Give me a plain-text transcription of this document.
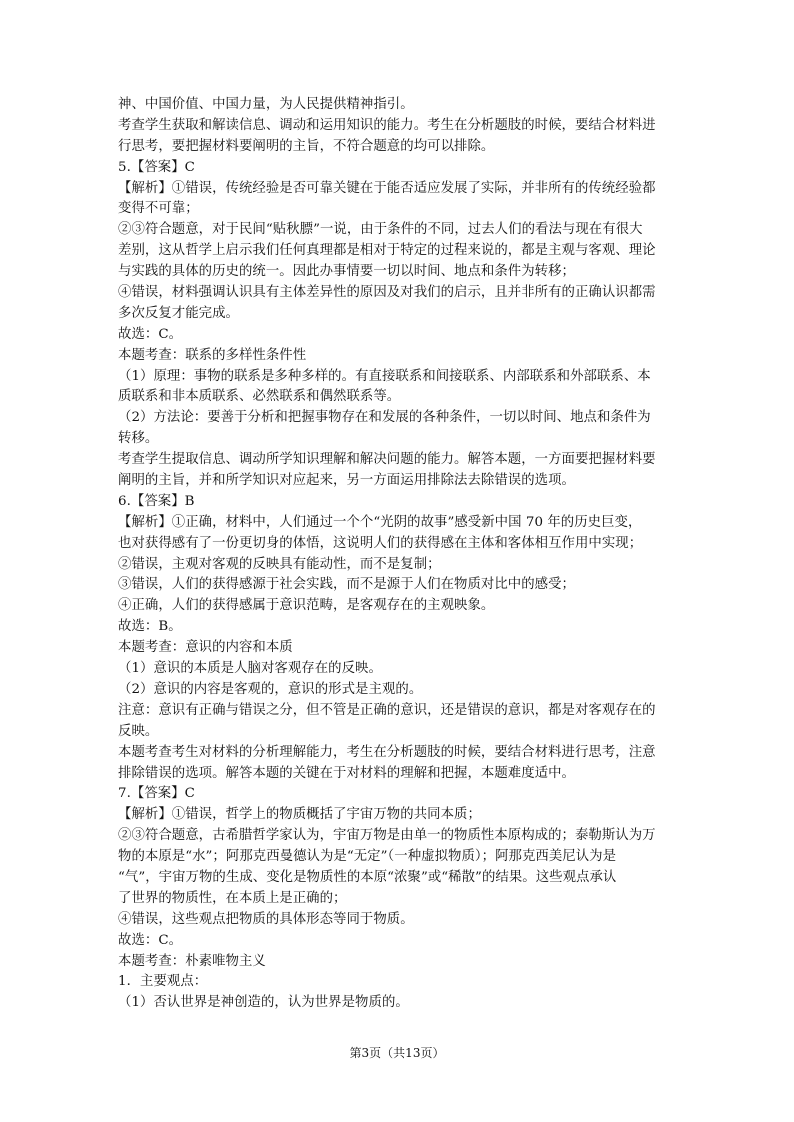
神、中国价值、中国力量，为人民提供精神指引。
考查学生获取和解读信息、调动和运用知识的能力。考生在分析题肢的时候，要结合材料进
行思考，要把握材料要阐明的主旨，不符合题意的均可以排除。
5.【答案】C
【解析】①错误，传统经验是否可靠关键在于能否适应发展了实际，并非所有的传统经验都
变得不可靠；
②③符合题意，对于民间“贴秋膘”一说，由于条件的不同，过去人们的看法与现在有很大
差别，这从哲学上启示我们任何真理都是相对于特定的过程来说的，都是主观与客观、理论
与实践的具体的历史的统一。因此办事情要一切以时间、地点和条件为转移；
④错误，材料强调认识具有主体差异性的原因及对我们的启示，且并非所有的正确认识都需
多次反复才能完成。
故选：C。
本题考查：联系的多样性条件性
（1）原理：事物的联系是多种多样的。有直接联系和间接联系、内部联系和外部联系、本
质联系和非本质联系、必然联系和偶然联系等。
（2）方法论：要善于分析和把握事物存在和发展的各种条件，一切以时间、地点和条件为
转移。
考查学生提取信息、调动所学知识理解和解决问题的能力。解答本题，一方面要把握材料要
阐明的主旨，并和所学知识对应起来，另一方面运用排除法去除错误的选项。
6.【答案】B
【解析】①正确，材料中，人们通过一个个“光阴的故事”感受新中国 70 年的历史巨变，
也对获得感有了一份更切身的体悟，这说明人们的获得感在主体和客体相互作用中实现；
②错误，主观对客观的反映具有能动性，而不是复制；
③错误，人们的获得感源于社会实践，而不是源于人们在物质对比中的感受；
④正确，人们的获得感属于意识范畴，是客观存在的主观映象。
故选：B。
本题考查：意识的内容和本质
（1）意识的本质是人脑对客观存在的反映。
（2）意识的内容是客观的，意识的形式是主观的。
注意：意识有正确与错误之分，但不管是正确的意识，还是错误的意识，都是对客观存在的
反映。
本题考查考生对材料的分析理解能力，考生在分析题肢的时候，要结合材料进行思考，注意
排除错误的选项。解答本题的关键在于对材料的理解和把握，本题难度适中。
7.【答案】C
【解析】①错误，哲学上的物质概括了宇宙万物的共同本质；
②③符合题意，古希腊哲学家认为，宇宙万物是由单一的物质性本原构成的；泰勒斯认为万
物的本原是“水”；阿那克西曼德认为是“无定”（一种虚拟物质）；阿那克西美尼认为是
“气”，宇宙万物的生成、变化是物质性的本原“浓聚”或“稀散”的结果。这些观点承认
了世界的物质性，在本质上是正确的；
④错误，这些观点把物质的具体形态等同于物质。
故选：C。
本题考查：朴素唯物主义
1．主要观点：
（1）否认世界是神创造的，认为世界是物质的。
第3页（共13页）
